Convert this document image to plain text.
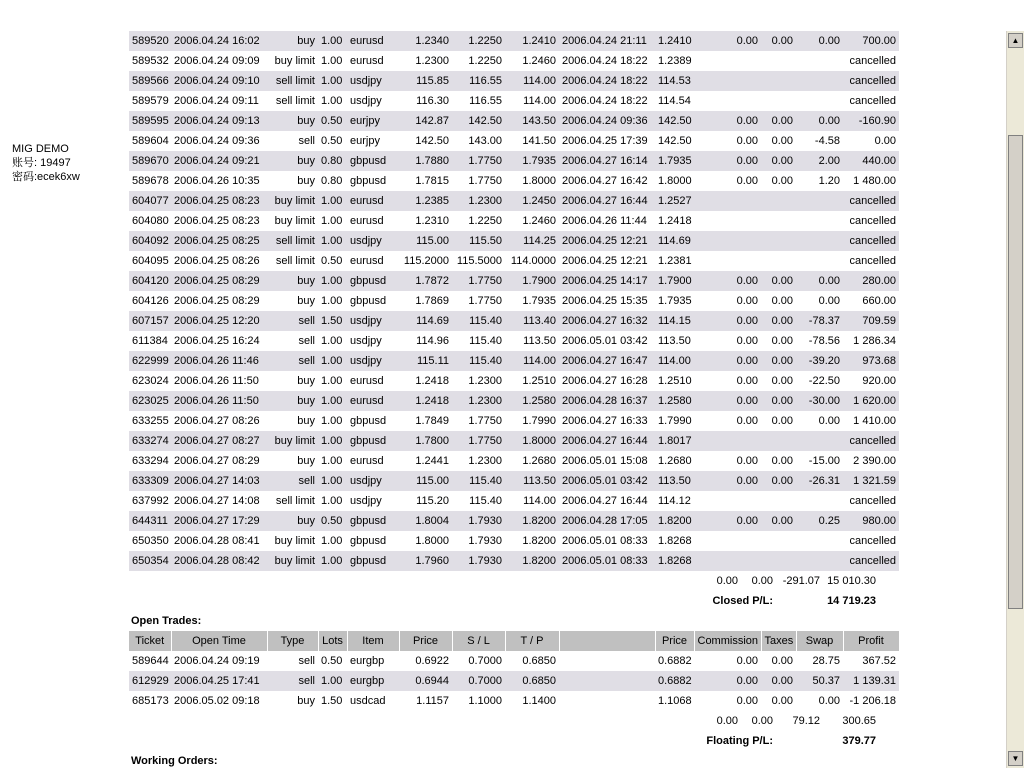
MIG DEMO
账号: 19497
密码:ecek6xw
589520	2006.04.24 16:02	buy	1.00	eurusd	1.2340	1.2250	1.2410	2006.04.24 21:11	1.2410	0.00	0.00	0.00	700.00
589532	2006.04.24 09:09	buy limit	1.00	eurusd	1.2300	1.2250	1.2460	2006.04.24 18:22	1.2389				cancelled
589566	2006.04.24 09:10	sell limit	1.00	usdjpy	115.85	116.55	114.00	2006.04.24 18:22	114.53				cancelled
589579	2006.04.24 09:11	sell limit	1.00	usdjpy	116.30	116.55	114.00	2006.04.24 18:22	114.54				cancelled
589595	2006.04.24 09:13	buy	0.50	eurjpy	142.87	142.50	143.50	2006.04.24 09:36	142.50	0.00	0.00	0.00	-160.90
589604	2006.04.24 09:36	sell	0.50	eurjpy	142.50	143.00	141.50	2006.04.25 17:39	142.50	0.00	0.00	-4.58	0.00
589670	2006.04.24 09:21	buy	0.80	gbpusd	1.7880	1.7750	1.7935	2006.04.27 16:14	1.7935	0.00	0.00	2.00	440.00
589678	2006.04.26 10:35	buy	0.80	gbpusd	1.7815	1.7750	1.8000	2006.04.27 16:42	1.8000	0.00	0.00	1.20	1 480.00
604077	2006.04.25 08:23	buy limit	1.00	eurusd	1.2385	1.2300	1.2450	2006.04.27 16:44	1.2527				cancelled
604080	2006.04.25 08:23	buy limit	1.00	eurusd	1.2310	1.2250	1.2460	2006.04.26 11:44	1.2418				cancelled
604092	2006.04.25 08:25	sell limit	1.00	usdjpy	115.00	115.50	114.25	2006.04.25 12:21	114.69				cancelled
604095	2006.04.25 08:26	sell limit	0.50	eurusd	115.2000	115.5000	114.0000	2006.04.25 12:21	1.2381				cancelled
604120	2006.04.25 08:29	buy	1.00	gbpusd	1.7872	1.7750	1.7900	2006.04.25 14:17	1.7900	0.00	0.00	0.00	280.00
604126	2006.04.25 08:29	buy	1.00	gbpusd	1.7869	1.7750	1.7935	2006.04.25 15:35	1.7935	0.00	0.00	0.00	660.00
607157	2006.04.25 12:20	sell	1.50	usdjpy	114.69	115.40	113.40	2006.04.27 16:32	114.15	0.00	0.00	-78.37	709.59
611384	2006.04.25 16:24	sell	1.00	usdjpy	114.96	115.40	113.50	2006.05.01 03:42	113.50	0.00	0.00	-78.56	1 286.34
622999	2006.04.26 11:46	sell	1.00	usdjpy	115.11	115.40	114.00	2006.04.27 16:47	114.00	0.00	0.00	-39.20	973.68
623024	2006.04.26 11:50	buy	1.00	eurusd	1.2418	1.2300	1.2510	2006.04.27 16:28	1.2510	0.00	0.00	-22.50	920.00
623025	2006.04.26 11:50	buy	1.00	eurusd	1.2418	1.2300	1.2580	2006.04.28 16:37	1.2580	0.00	0.00	-30.00	1 620.00
633255	2006.04.27 08:26	buy	1.00	gbpusd	1.7849	1.7750	1.7990	2006.04.27 16:33	1.7990	0.00	0.00	0.00	1 410.00
633274	2006.04.27 08:27	buy limit	1.00	gbpusd	1.7800	1.7750	1.8000	2006.04.27 16:44	1.8017				cancelled
633294	2006.04.27 08:29	buy	1.00	eurusd	1.2441	1.2300	1.2680	2006.05.01 15:08	1.2680	0.00	0.00	-15.00	2 390.00
633309	2006.04.27 14:03	sell	1.00	usdjpy	115.00	115.40	113.50	2006.05.01 03:42	113.50	0.00	0.00	-26.31	1 321.59
637992	2006.04.27 14:08	sell limit	1.00	usdjpy	115.20	115.40	114.00	2006.04.27 16:44	114.12				cancelled
644311	2006.04.27 17:29	buy	0.50	gbpusd	1.8004	1.7930	1.8200	2006.04.28 17:05	1.8200	0.00	0.00	0.25	980.00
650350	2006.04.28 08:41	buy limit	1.00	gbpusd	1.8000	1.7930	1.8200	2006.05.01 08:33	1.8268				cancelled
650354	2006.04.28 08:42	buy limit	1.00	gbpusd	1.7960	1.7930	1.8200	2006.05.01 08:33	1.8268				cancelled
	0.00	0.00	-291.07	15 010.30
	Closed P/L:		14 719.23	
Open Trades:
Ticket	Open Time	Type	Lots	Item	Price	S / L	T / P		Price	Commission	Taxes	Swap	Profit
589644	2006.04.24 09:19	sell	0.50	eurgbp	0.6922	0.7000	0.6850		0.6882	0.00	0.00	28.75	367.52
612929	2006.04.25 17:41	sell	1.00	eurgbp	0.6944	0.7000	0.6850		0.6882	0.00	0.00	50.37	1 139.31
685173	2006.05.02 09:18	buy	1.50	usdcad	1.1157	1.1000	1.1400		1.1068	0.00	0.00	0.00	-1 206.18
	0.00	0.00	79.12	300.65
	Floating P/L:		379.77	
Working Orders:
▲
▼
